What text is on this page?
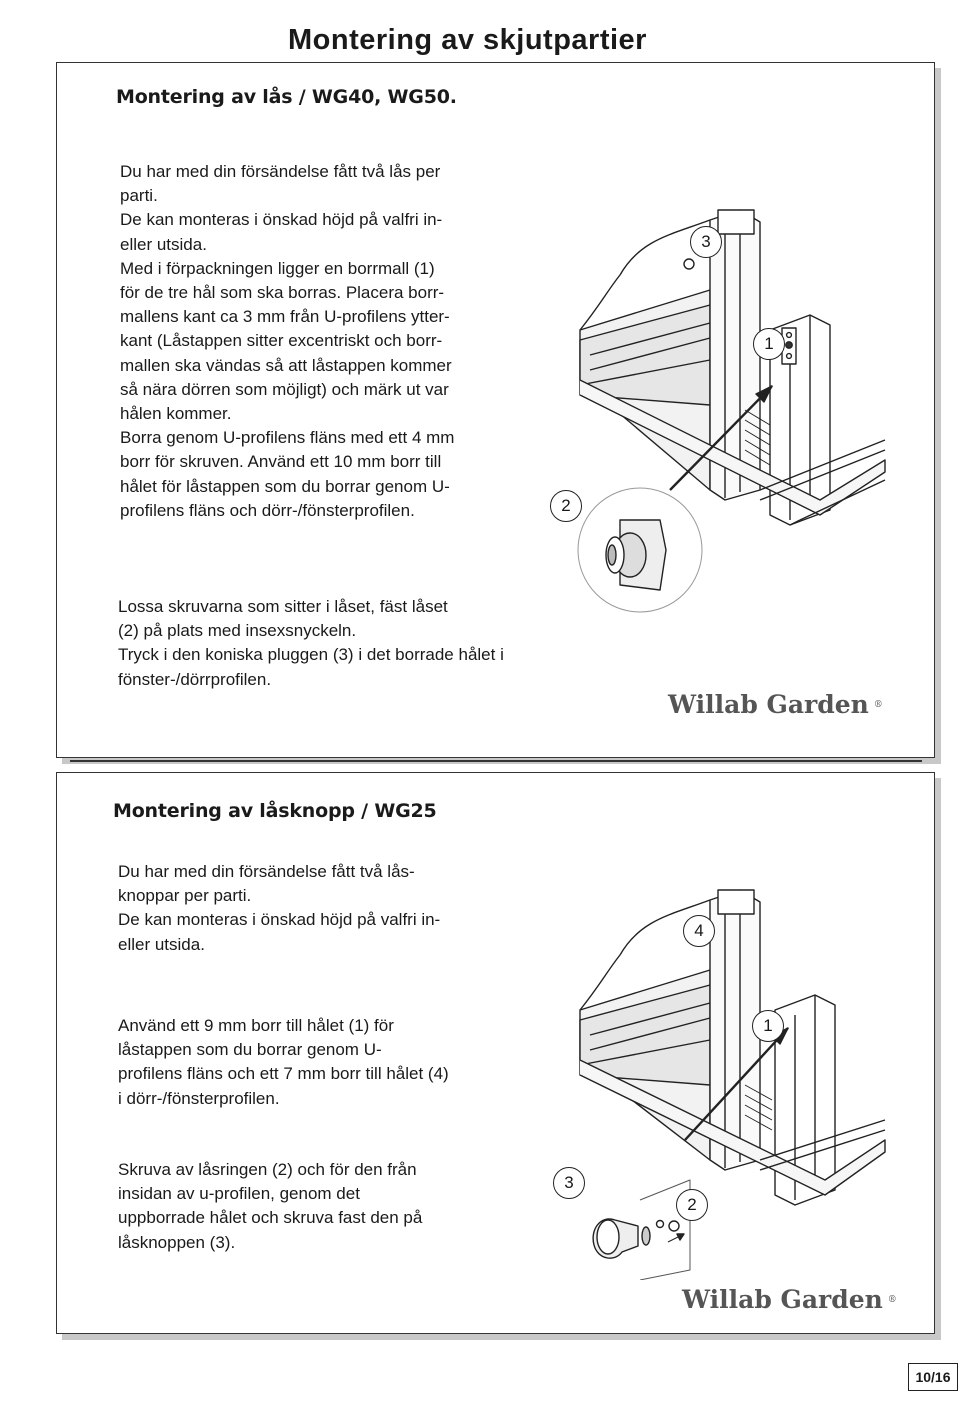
Montering av skjutpartier
Montering av lås / WG40, WG50.
Du har med din försändelse fått två lås per
parti.
De kan monteras i önskad höjd på valfri in-
eller utsida.
Med i förpackningen ligger en borrmall (1)
för de tre hål som ska borras. Placera borr-
mallens kant ca 3 mm från U-profilens ytter-
kant (Låstappen sitter excentriskt och borr-
mallen ska vändas så att låstappen kommer
så nära dörren som möjligt) och märk ut var
hålen kommer.
Borra genom U-profilens fläns med ett 4 mm
borr för skruven. Använd ett 10 mm borr till
hålet för låstappen som du borrar genom U-
profilens fläns och dörr-/fönsterprofilen.
Lossa skruvarna som sitter i låset, fäst låset
(2) på plats med insexsnyckeln.
Tryck i den koniska pluggen (3) i det borrade hålet i
fönster-/dörrprofilen.
3
1
2
Willab Garden ®
Montering av låsknopp / WG25
Du har med din försändelse fått två lås-
knoppar per parti.
De kan monteras i önskad höjd på valfri in-
eller utsida.
Använd ett 9 mm borr till hålet (1) för
låstappen som du borrar genom U-
profilens fläns och ett 7 mm borr till hålet (4)
i dörr-/fönsterprofilen.
Skruva av låsringen (2) och för den från
insidan av u-profilen, genom det
uppborrade hålet och skruva fast den på
låsknoppen (3).
4
1
3
2
Willab Garden ®
10/16
